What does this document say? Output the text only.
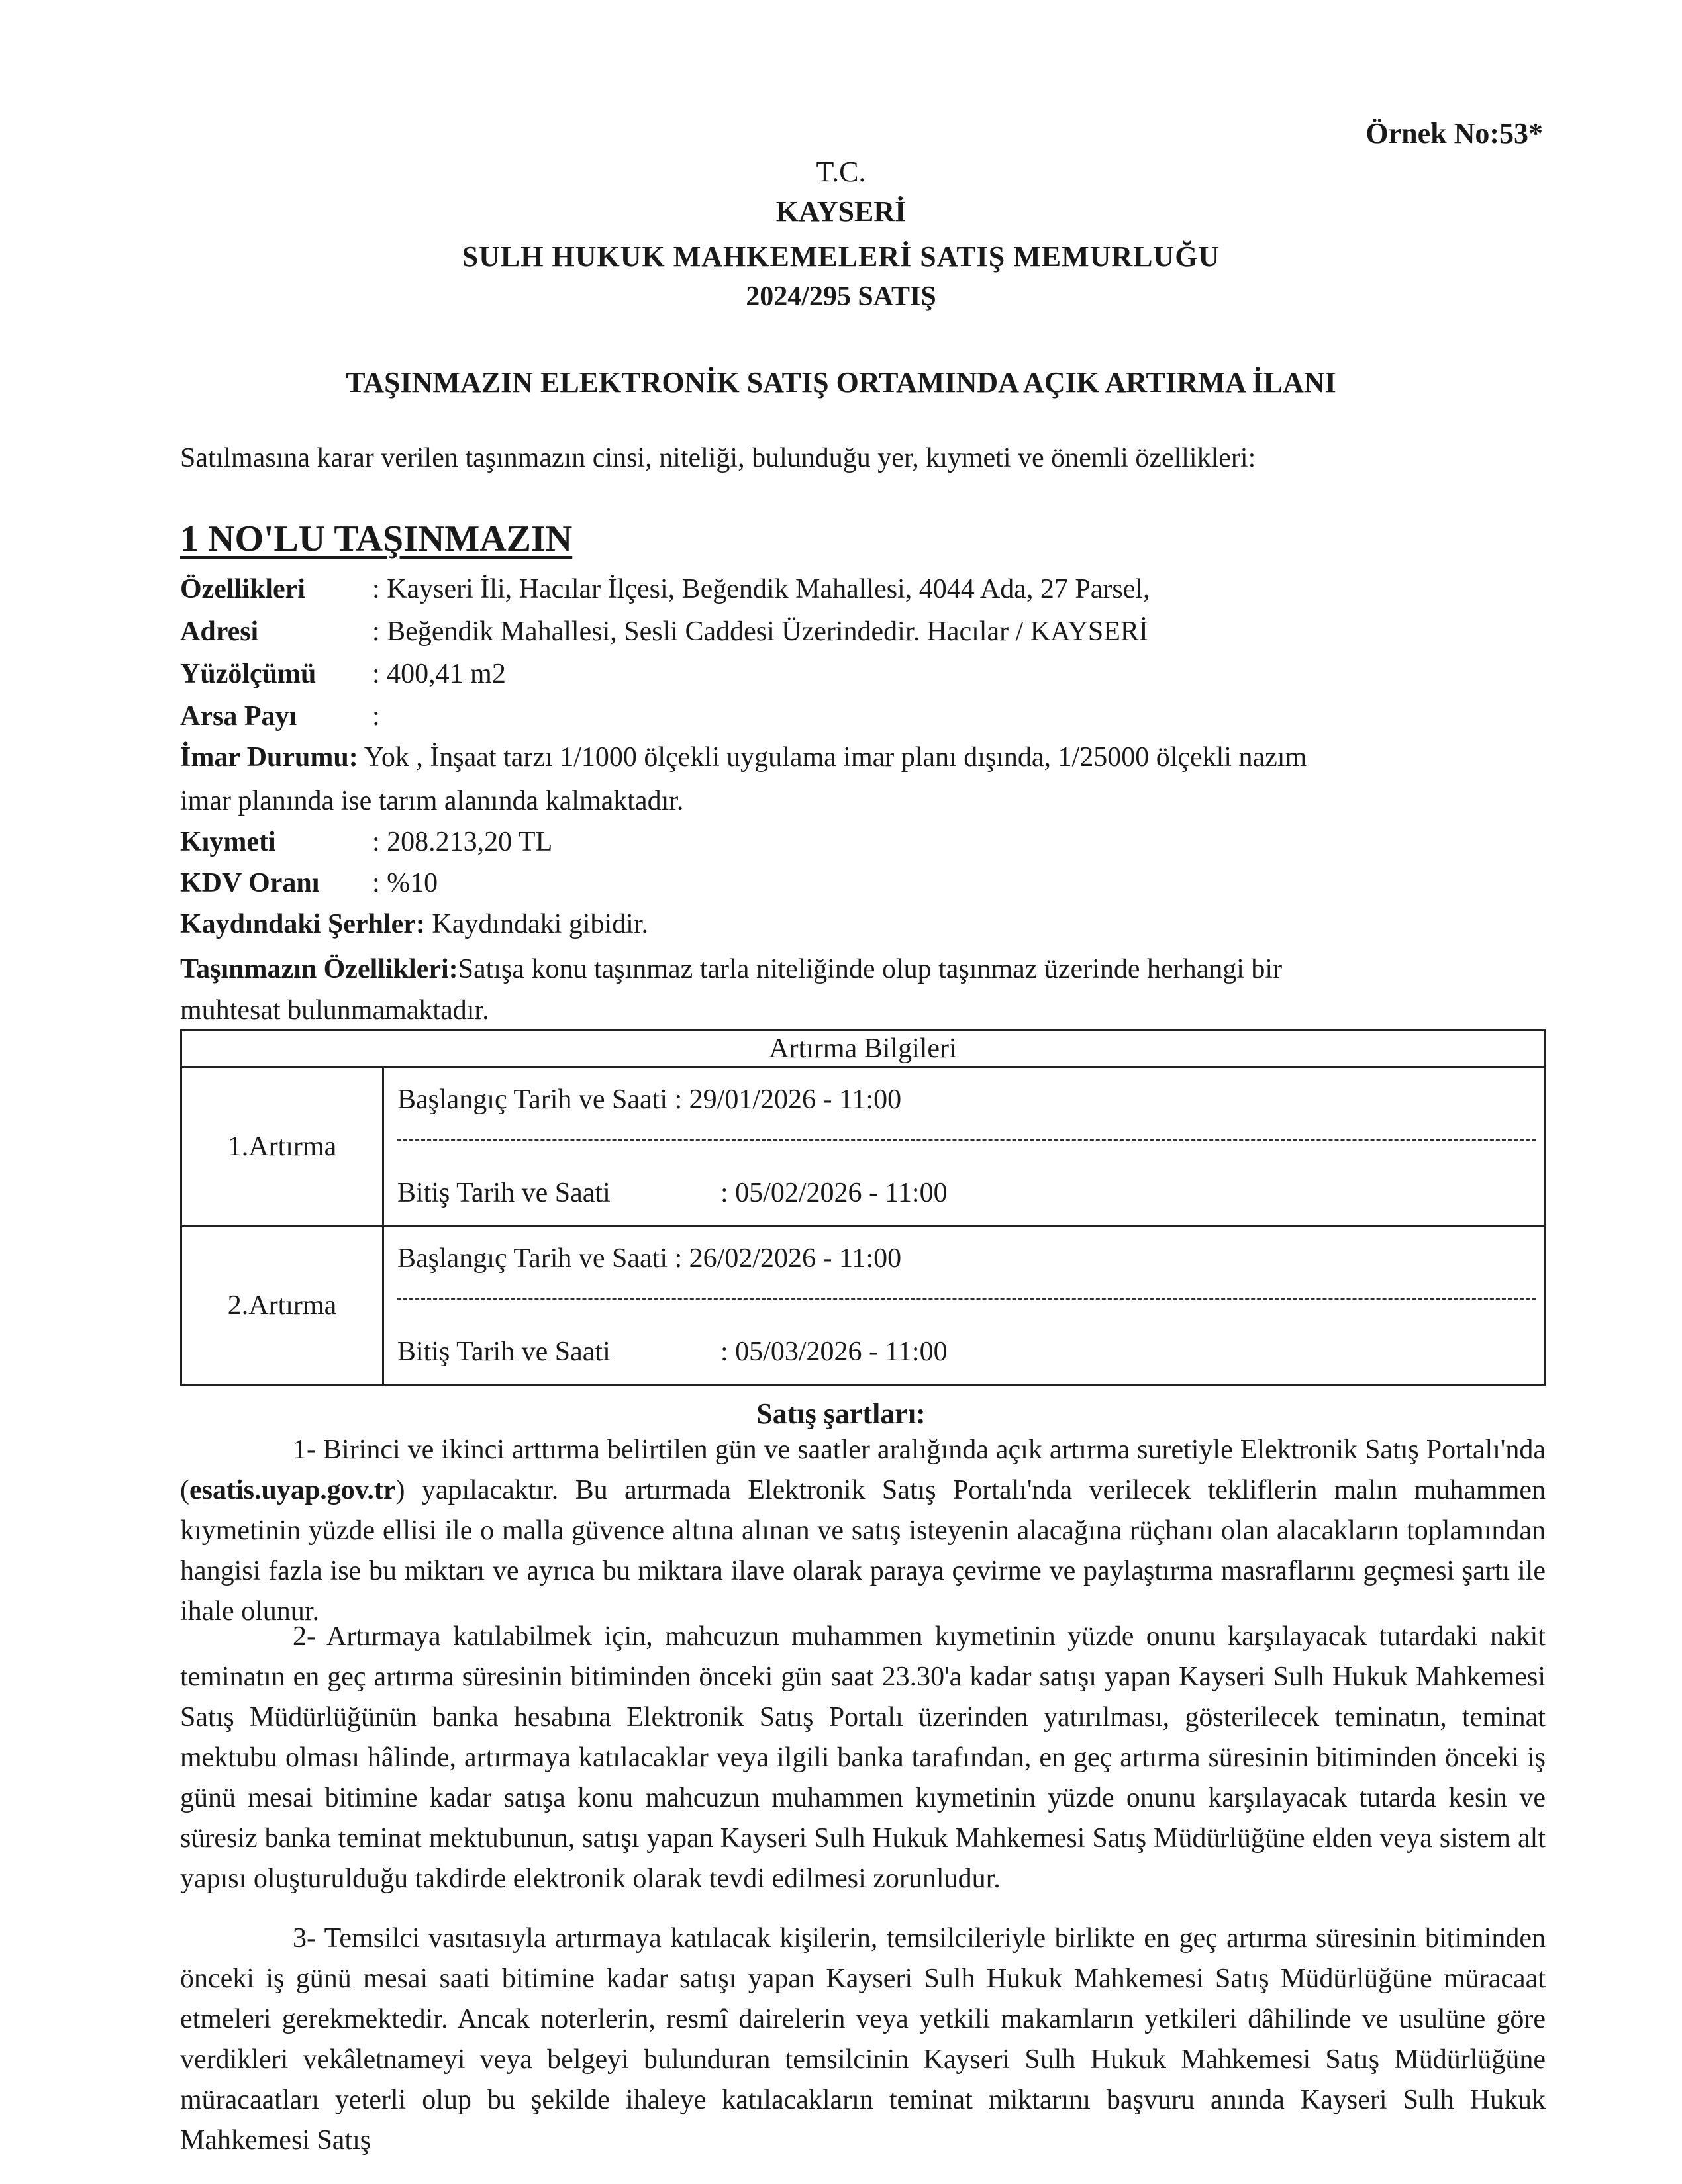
Örnek No:53*
T.C.
KAYSERİ
SULH HUKUK MAHKEMELERİ SATIŞ MEMURLUĞU
2024/295 SATIŞ
TAŞINMAZIN ELEKTRONİK SATIŞ ORTAMINDA AÇIK ARTIRMA İLANI
Satılmasına karar verilen taşınmazın cinsi, niteliği, bulunduğu yer, kıymeti ve önemli özellikleri:
1 NO'LU TAŞINMAZIN
Özellikleri : Kayseri İli, Hacılar İlçesi, Beğendik Mahallesi, 4044 Ada, 27 Parsel,
Adresi	: Beğendik Mahallesi, Sesli Caddesi Üzerindedir. Hacılar / KAYSERİ
Yüzölçümü : 400,41 m2
Arsa Payı	:
İmar Durumu: Yok , İnşaat tarzı 1/1000 ölçekli uygulama imar planı dışında, 1/25000 ölçekli nazım
imar planında ise tarım alanında kalmaktadır.
Kıymeti	: 208.213,20 TL
KDV Oranı : %10
Kaydındaki Şerhler: Kaydındaki gibidir.
Taşınmazın Özellikleri:Satışa konu taşınmaz tarla niteliğinde olup taşınmaz üzerinde herhangi bir
muhtesat bulunmamaktadır.
Artırma Bilgileri	
1.Artırma	Başlangıç Tarih ve Saati : 29/01/2026 - 11:00
Bitiş Tarih ve Saati : 05/02/2026 - 11:00

2.Artırma	Başlangıç Tarih ve Saati : 26/02/2026 - 11:00
Bitiş Tarih ve Saati : 05/03/2026 - 11:00
Satış şartları:
1- Birinci ve ikinci arttırma belirtilen gün ve saatler aralığında açık artırma suretiyle Elektronik Satış Portalı'nda (esatis.uyap.gov.tr) yapılacaktır. Bu artırmada Elektronik Satış Portalı'nda verilecek tekliflerin malın muhammen kıymetinin yüzde ellisi ile o malla güvence altına alınan ve satış isteyenin alacağına rüçhanı olan alacakların toplamından hangisi fazla ise bu miktarı ve ayrıca bu miktara ilave olarak paraya çevirme ve paylaştırma masraflarını geçmesi şartı ile ihale olunur.
2- Artırmaya katılabilmek için, mahcuzun muhammen kıymetinin yüzde onunu karşılayacak tutardaki nakit teminatın en geç artırma süresinin bitiminden önceki gün saat 23.30'a kadar satışı yapan Kayseri Sulh Hukuk Mahkemesi Satış Müdürlüğünün banka hesabına Elektronik Satış Portalı üzerinden yatırılması, gösterilecek teminatın, teminat mektubu olması hâlinde, artırmaya katılacaklar veya ilgili banka tarafından, en geç artırma süresinin bitiminden önceki iş günü mesai bitimine kadar satışa konu mahcuzun muhammen kıymetinin yüzde onunu karşılayacak tutarda kesin ve süresiz banka teminat mektubunun, satışı yapan Kayseri Sulh Hukuk Mahkemesi Satış Müdürlüğüne elden veya sistem alt yapısı oluşturulduğu takdirde elektronik olarak tevdi edilmesi zorunludur.
3- Temsilci vasıtasıyla artırmaya katılacak kişilerin, temsilcileriyle birlikte en geç artırma süresinin bitiminden önceki iş günü mesai saati bitimine kadar satışı yapan Kayseri Sulh Hukuk Mahkemesi Satış Müdürlüğüne müracaat etmeleri gerekmektedir. Ancak noterlerin, resmî dairelerin veya yetkili makamların yetkileri dâhilinde ve usulüne göre verdikleri vekâletnameyi veya belgeyi bulunduran temsilcinin Kayseri Sulh Hukuk Mahkemesi Satış Müdürlüğüne müracaatları yeterli olup bu şekilde ihaleye katılacakların teminat miktarını başvuru anında Kayseri Sulh Hukuk Mahkemesi Satış
